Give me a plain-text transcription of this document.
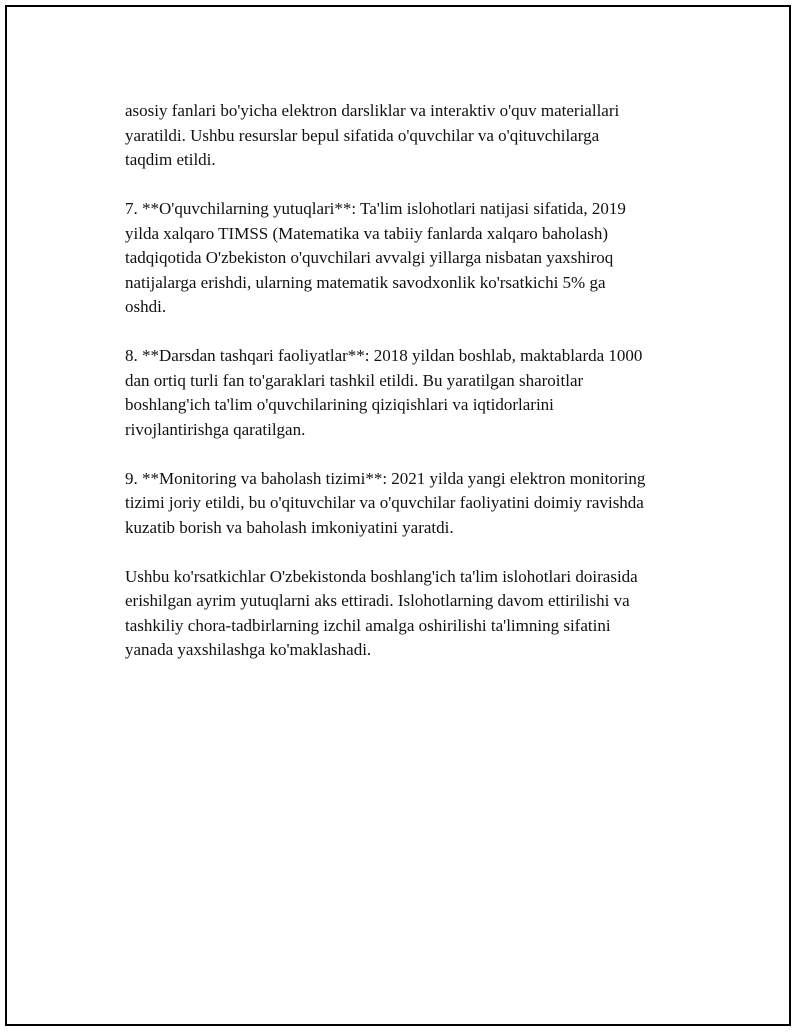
asosiy fanlari bo'yicha elektron darsliklar va interaktiv o'quv materiallari
yaratildi. Ushbu resurslar bepul sifatida o'quvchilar va o'qituvchilarga
taqdim etildi.

7. **O'quvchilarning yutuqlari**: Ta'lim islohotlari natijasi sifatida, 2019
yilda xalqaro TIMSS (Matematika va tabiiy fanlarda xalqaro baholash)
tadqiqotida O'zbekiston o'quvchilari avvalgi yillarga nisbatan yaxshiroq
natijalarga erishdi, ularning matematik savodxonlik ko'rsatkichi 5% ga
oshdi.

8. **Darsdan tashqari faoliyatlar**: 2018 yildan boshlab, maktablarda 1000
dan ortiq turli fan to'garaklari tashkil etildi. Bu yaratilgan sharoitlar
boshlang'ich ta'lim o'quvchilarining qiziqishlari va iqtidorlarini
rivojlantirishga qaratilgan.

9. **Monitoring va baholash tizimi**: 2021 yilda yangi elektron monitoring
tizimi joriy etildi, bu o'qituvchilar va o'quvchilar faoliyatini doimiy ravishda
kuzatib borish va baholash imkoniyatini yaratdi.

Ushbu ko'rsatkichlar O'zbekistonda boshlang'ich ta'lim islohotlari doirasida
erishilgan ayrim yutuqlarni aks ettiradi. Islohotlarning davom ettirilishi va
tashkiliy chora-tadbirlarning izchil amalga oshirilishi ta'limning sifatini
yanada yaxshilashga ko'maklashadi.
